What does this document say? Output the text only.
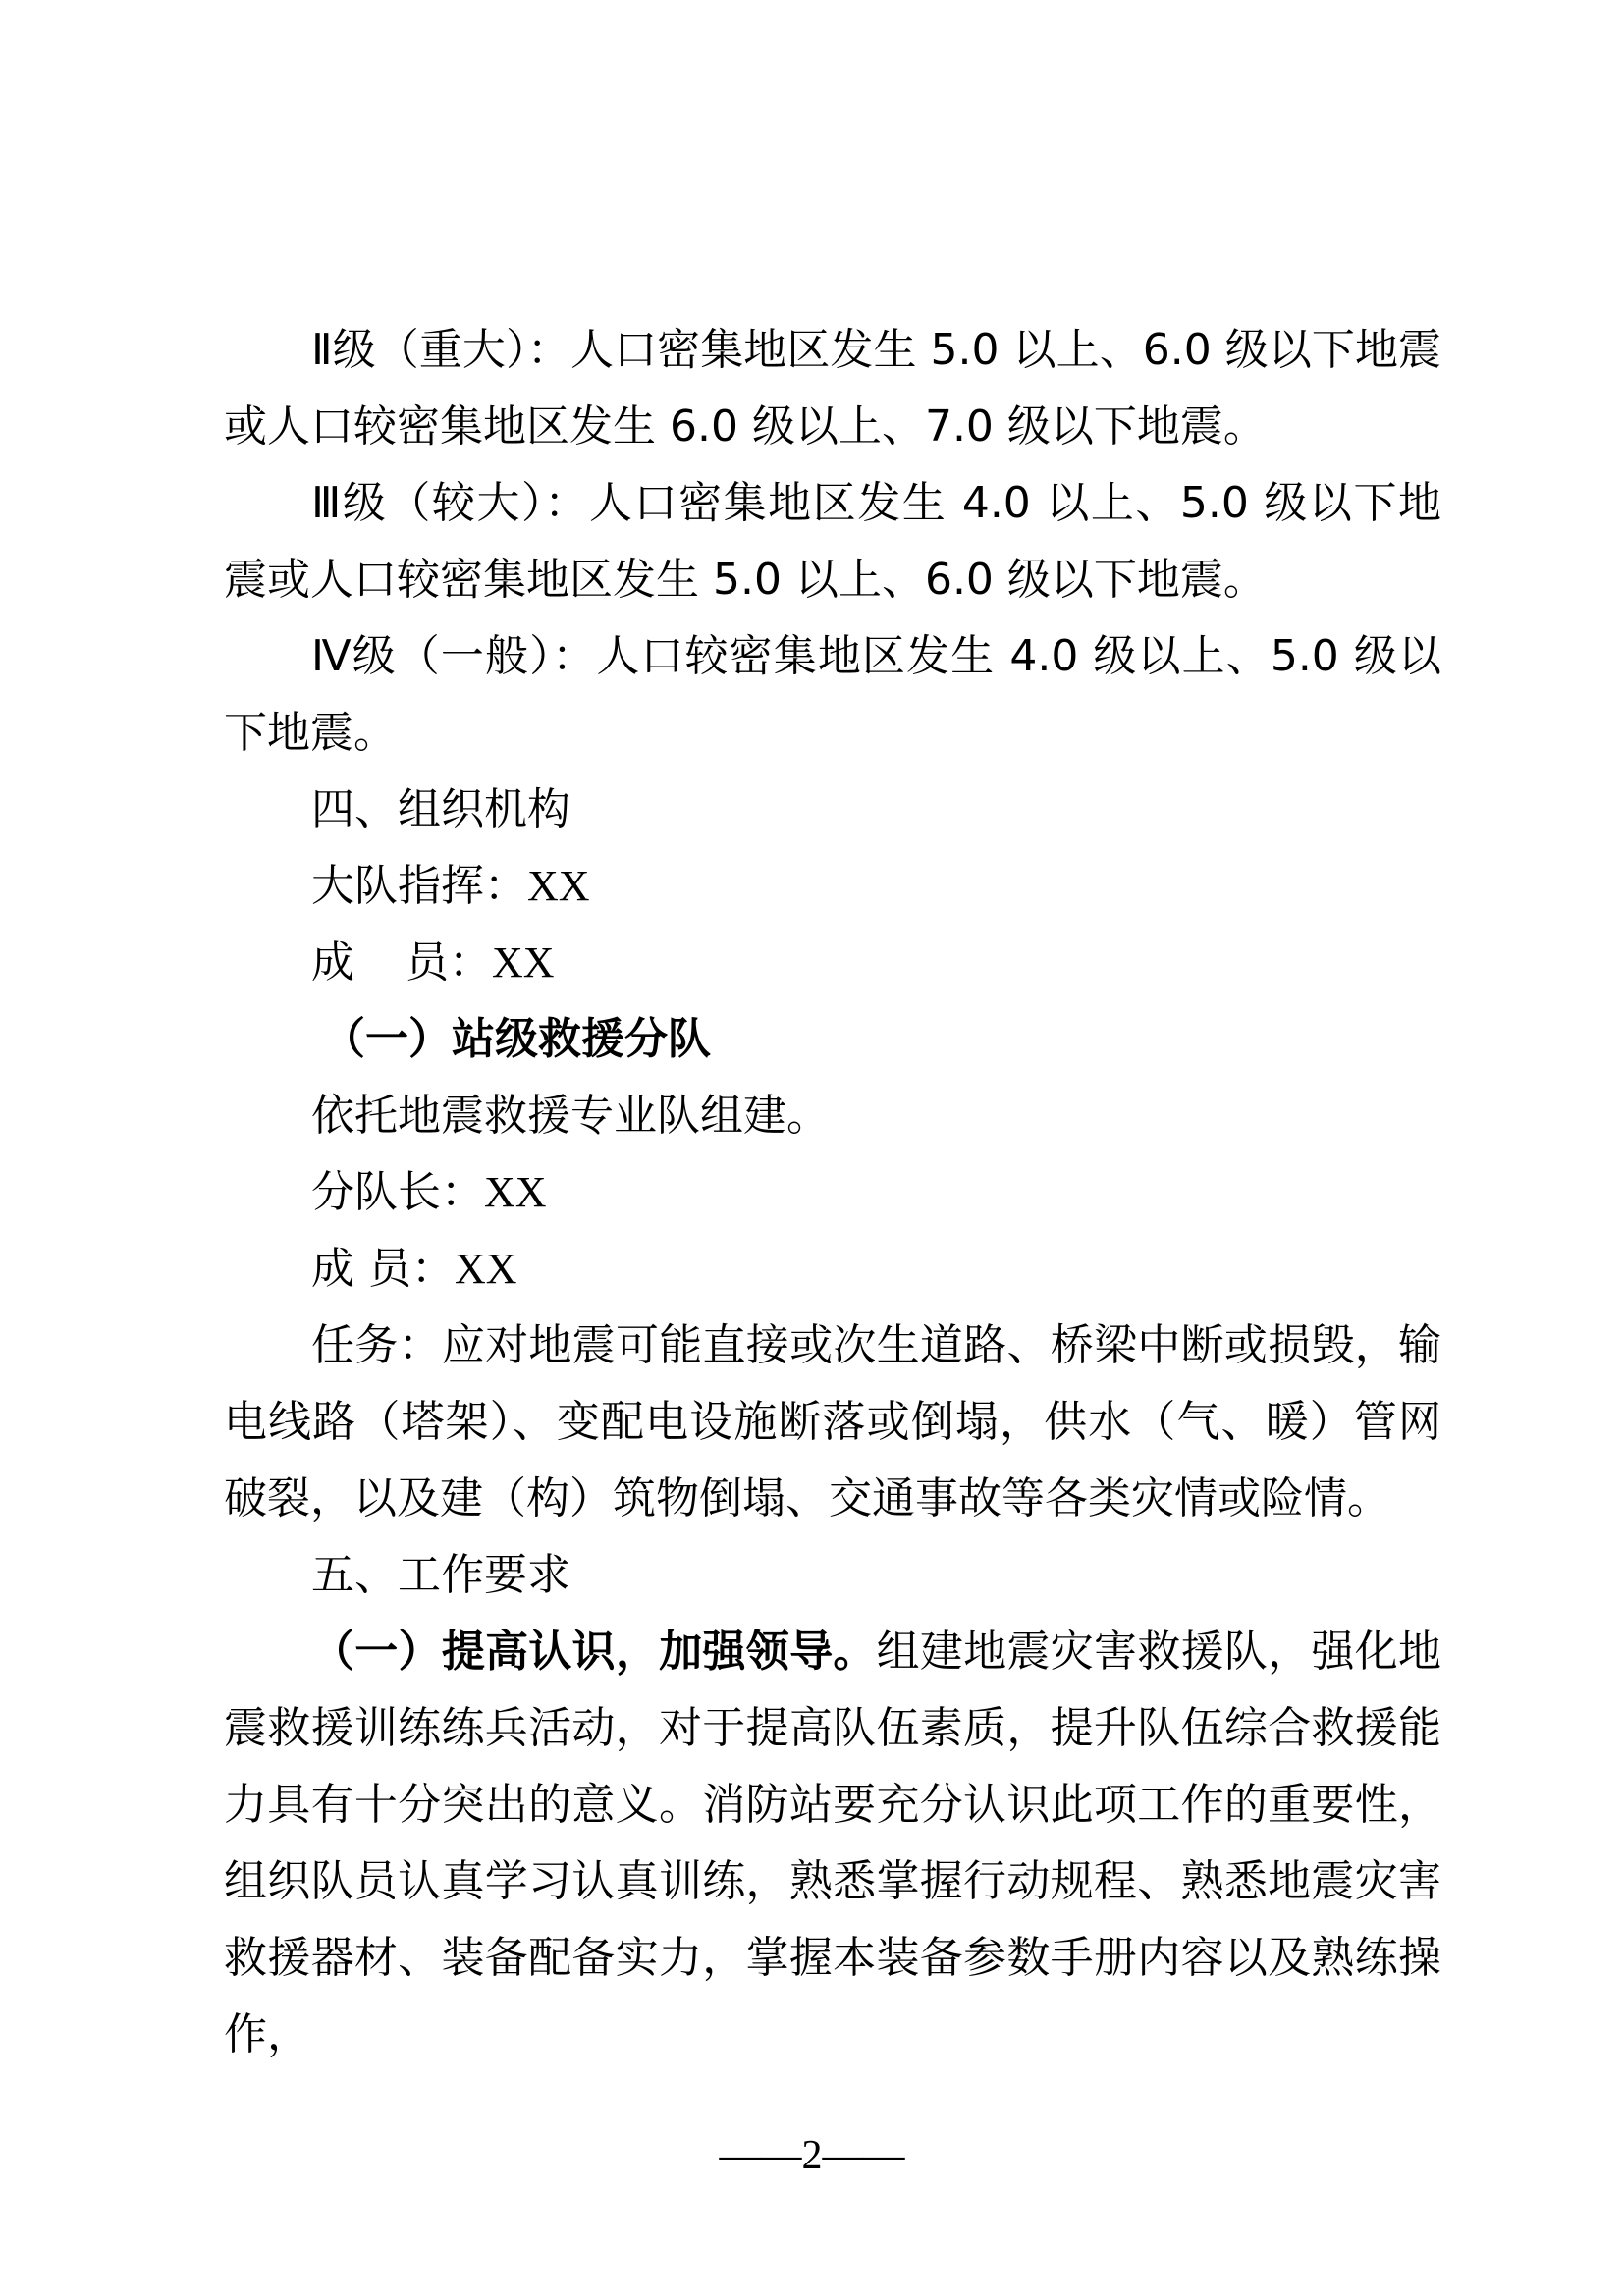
Ⅱ级（重大）：人口密集地区发生 5.0 以上、6.0 级以下地震或人口较密集地区发生 6.0 级以上、7.0 级以下地震。

Ⅲ级（较大）：人口密集地区发生 4.0 以上、5.0 级以下地震或人口较密集地区发生 5.0 以上、6.0 级以下地震。

Ⅳ级（一般）：人口较密集地区发生 4.0 级以上、5.0 级以下地震。

四、组织机构

大队指挥：XX

成 员：XX

（一）站级救援分队

依托地震救援专业队组建。

分队长：XX

成 员：XX

任务：应对地震可能直接或次生道路、桥梁中断或损毁，输电线路（塔架）、变配电设施断落或倒塌，供水（气、暖）管网破裂，以及建（构）筑物倒塌、交通事故等各类灾情或险情。

五、工作要求

（一）提高认识，加强领导。组建地震灾害救援队，强化地震救援训练练兵活动，对于提高队伍素质，提升队伍综合救援能力具有十分突出的意义。消防站要充分认识此项工作的重要性，组织队员认真学习认真训练，熟悉掌握行动规程、熟悉地震灾害救援器材、装备配备实力，掌握本装备参数手册内容以及熟练操作，

——2——
